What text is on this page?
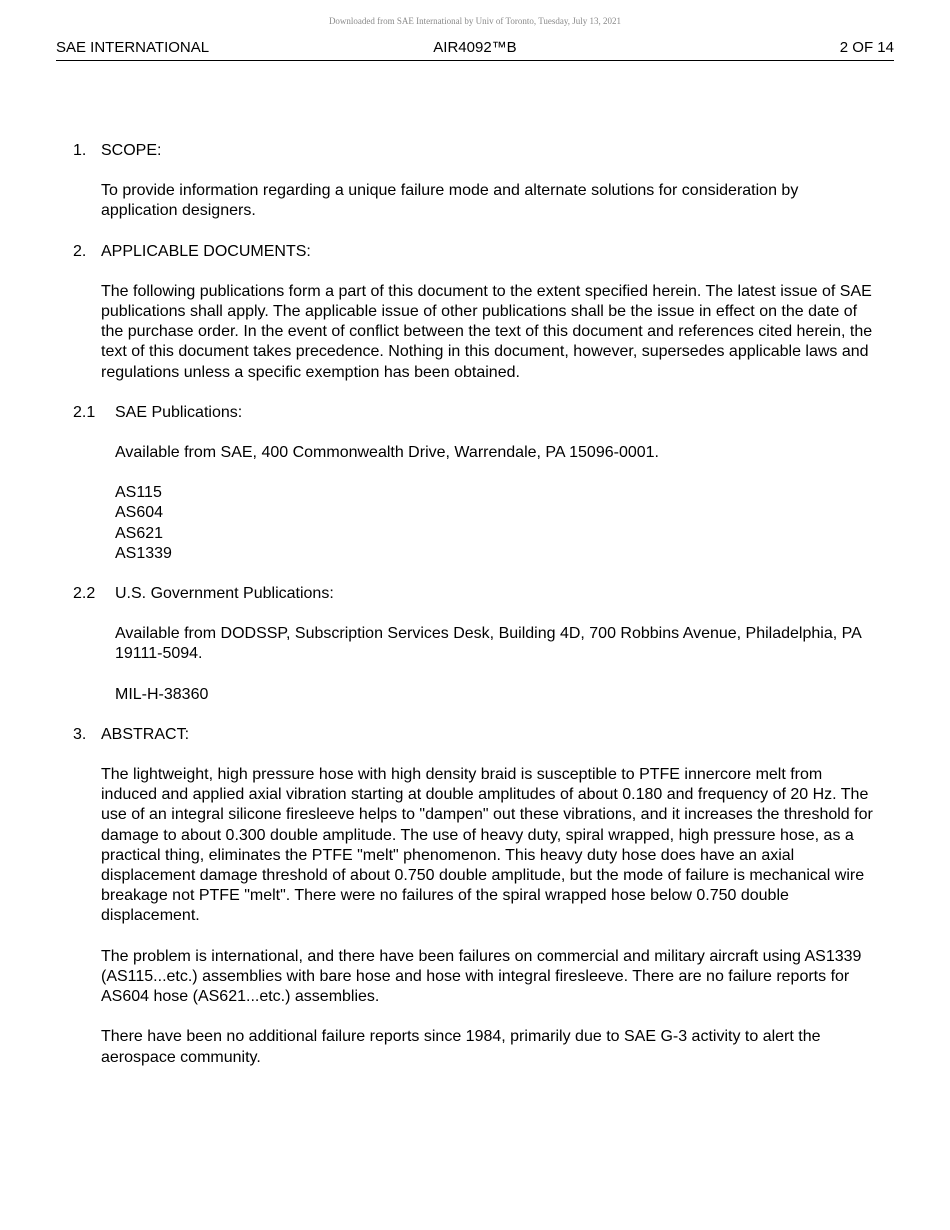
Downloaded from SAE International by Univ of Toronto, Tuesday, July 13, 2021
SAE INTERNATIONAL	AIR4092™B	2 OF 14
1. SCOPE:
To provide information regarding a unique failure mode and alternate solutions for consideration by application designers.
2. APPLICABLE DOCUMENTS:
The following publications form a part of this document to the extent specified herein. The latest issue of SAE publications shall apply. The applicable issue of other publications shall be the issue in effect on the date of the purchase order. In the event of conflict between the text of this document and references cited herein, the text of this document takes precedence. Nothing in this document, however, supersedes applicable laws and regulations unless a specific exemption has been obtained.
2.1 SAE Publications:
Available from SAE, 400 Commonwealth Drive, Warrendale, PA 15096-0001.
AS115
AS604
AS621
AS1339
2.2 U.S. Government Publications:
Available from DODSSP, Subscription Services Desk, Building 4D, 700 Robbins Avenue, Philadelphia, PA 19111-5094.
MIL-H-38360
3. ABSTRACT:
The lightweight, high pressure hose with high density braid is susceptible to PTFE innercore melt from induced and applied axial vibration starting at double amplitudes of about 0.180 and frequency of 20 Hz. The use of an integral silicone firesleeve helps to "dampen" out these vibrations, and it increases the threshold for damage to about 0.300 double amplitude. The use of heavy duty, spiral wrapped, high pressure hose, as a practical thing, eliminates the PTFE "melt" phenomenon. This heavy duty hose does have an axial displacement damage threshold of about 0.750 double amplitude, but the mode of failure is mechanical wire breakage not PTFE "melt". There were no failures of the spiral wrapped hose below 0.750 double displacement.
The problem is international, and there have been failures on commercial and military aircraft using AS1339 (AS115...etc.) assemblies with bare hose and hose with integral firesleeve. There are no failure reports for AS604 hose (AS621...etc.) assemblies.
There have been no additional failure reports since 1984, primarily due to SAE G-3 activity to alert the aerospace community.
